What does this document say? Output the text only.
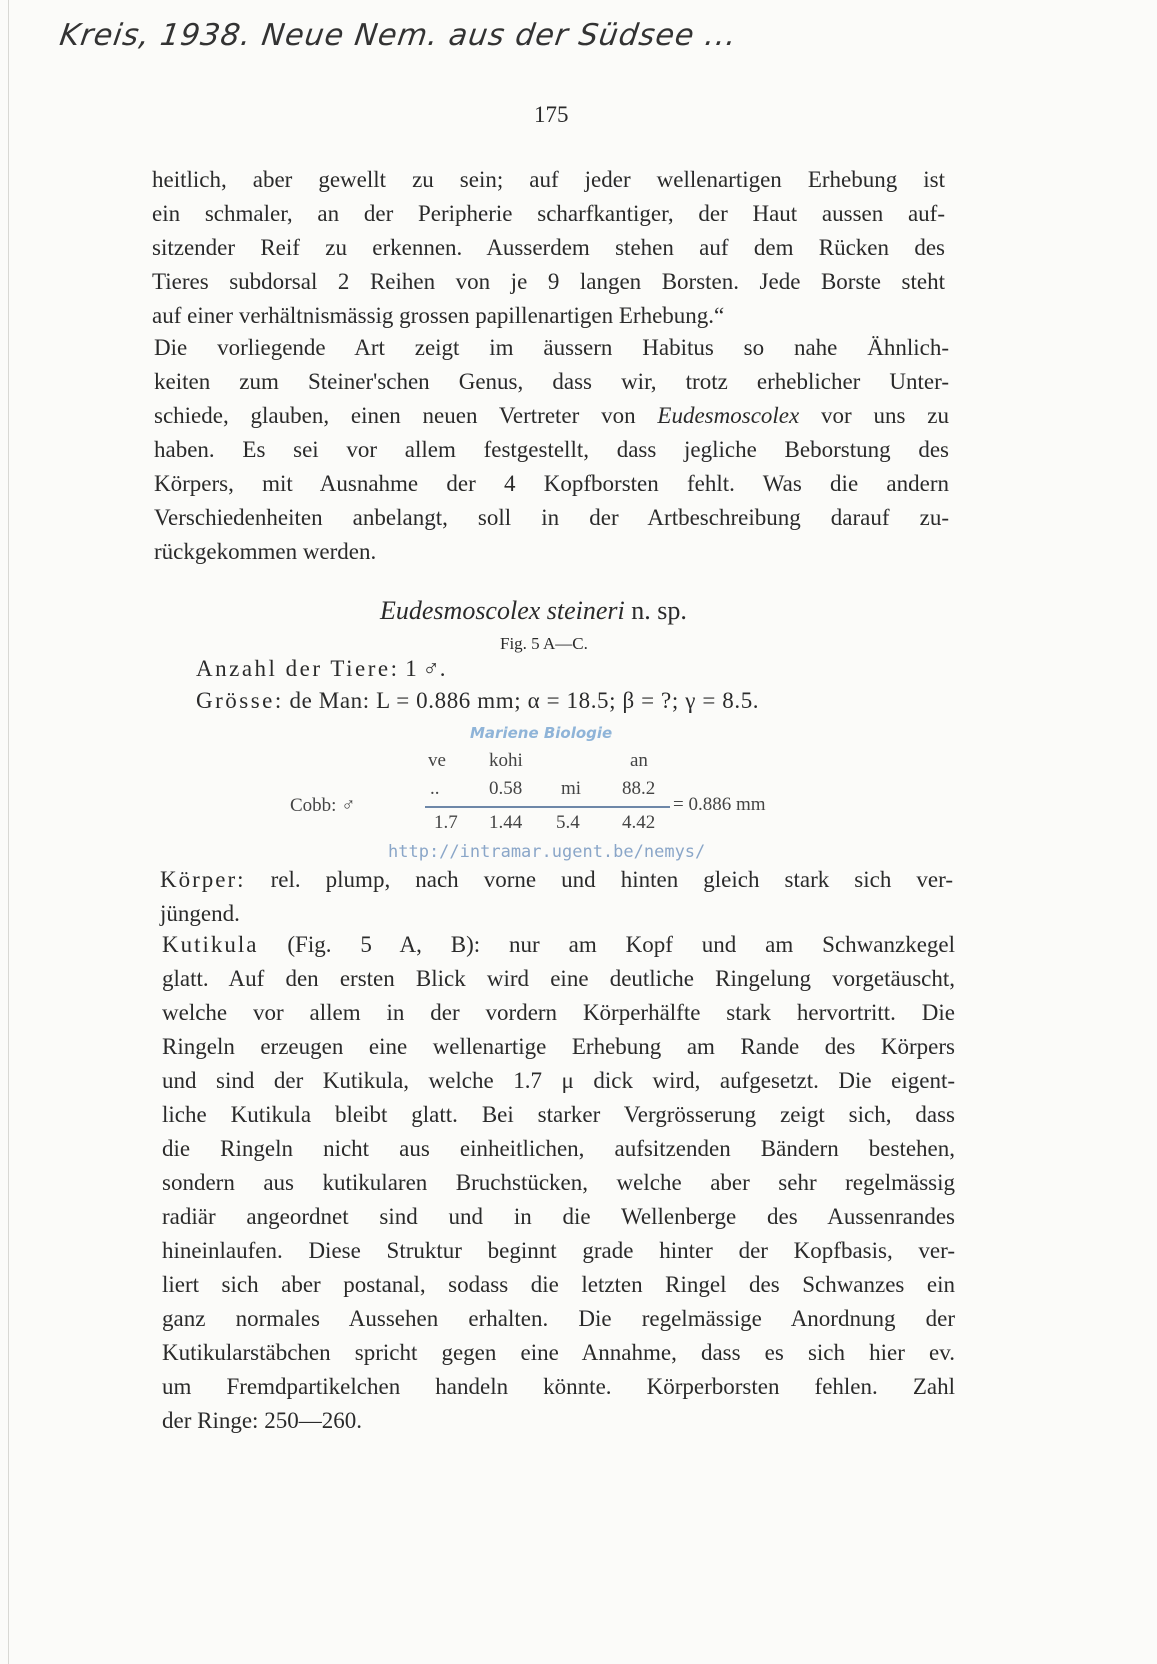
Kreis, 1938. Neue Nem. aus der Südsee ...
175
heitlich, aber gewellt zu sein; auf jeder wellenartigen Erhebung ist
ein schmaler, an der Peripherie scharfkantiger, der Haut aussen auf-
sitzender Reif zu erkennen. Ausserdem stehen auf dem Rücken des
Tieres subdorsal 2 Reihen von je 9 langen Borsten. Jede Borste steht
auf einer verhältnismässig grossen papillenartigen Erhebung.“
Die vorliegende Art zeigt im äussern Habitus so nahe Ähnlich-
keiten zum Steiner'schen Genus, dass wir, trotz erheblicher Unter-
schiede, glauben, einen neuen Vertreter von Eudesmoscolex vor uns zu
haben. Es sei vor allem festgestellt, dass jegliche Beborstung des
Körpers, mit Ausnahme der 4 Kopfborsten fehlt. Was die andern
Verschiedenheiten anbelangt, soll in der Artbeschreibung darauf zu-
rückgekommen werden.
Eudesmoscolex steineri n. sp.
Fig. 5 A—C.
Anzahl der Tiere: 1 ♂.
Grösse: de Man: L = 0.886 mm; α = 18.5; β = ?; γ = 8.5.
Mariene Biologie
Cobb: ♂
ve kohi	an
..	0.58 mi 88.2
1.7 1.44 5.4 4.42
= 0.886 mm
http://intramar.ugent.be/nemys/
Körper: rel. plump, nach vorne und hinten gleich stark sich ver-
jüngend.
Kutikula (Fig. 5 A, B): nur am Kopf und am Schwanzkegel
glatt. Auf den ersten Blick wird eine deutliche Ringelung vorgetäuscht,
welche vor allem in der vordern Körperhälfte stark hervortritt. Die
Ringeln erzeugen eine wellenartige Erhebung am Rande des Körpers
und sind der Kutikula, welche 1.7 μ dick wird, aufgesetzt. Die eigent-
liche Kutikula bleibt glatt. Bei starker Vergrösserung zeigt sich, dass
die Ringeln nicht aus einheitlichen, aufsitzenden Bändern bestehen,
sondern aus kutikularen Bruchstücken, welche aber sehr regelmässig
radiär angeordnet sind und in die Wellenberge des Aussenrandes
hineinlaufen. Diese Struktur beginnt grade hinter der Kopfbasis, ver-
liert sich aber postanal, sodass die letzten Ringel des Schwanzes ein
ganz normales Aussehen erhalten. Die regelmässige Anordnung der
Kutikularstäbchen spricht gegen eine Annahme, dass es sich hier ev.
um Fremdpartikelchen handeln könnte. Körperborsten fehlen. Zahl
der Ringe: 250—260.
